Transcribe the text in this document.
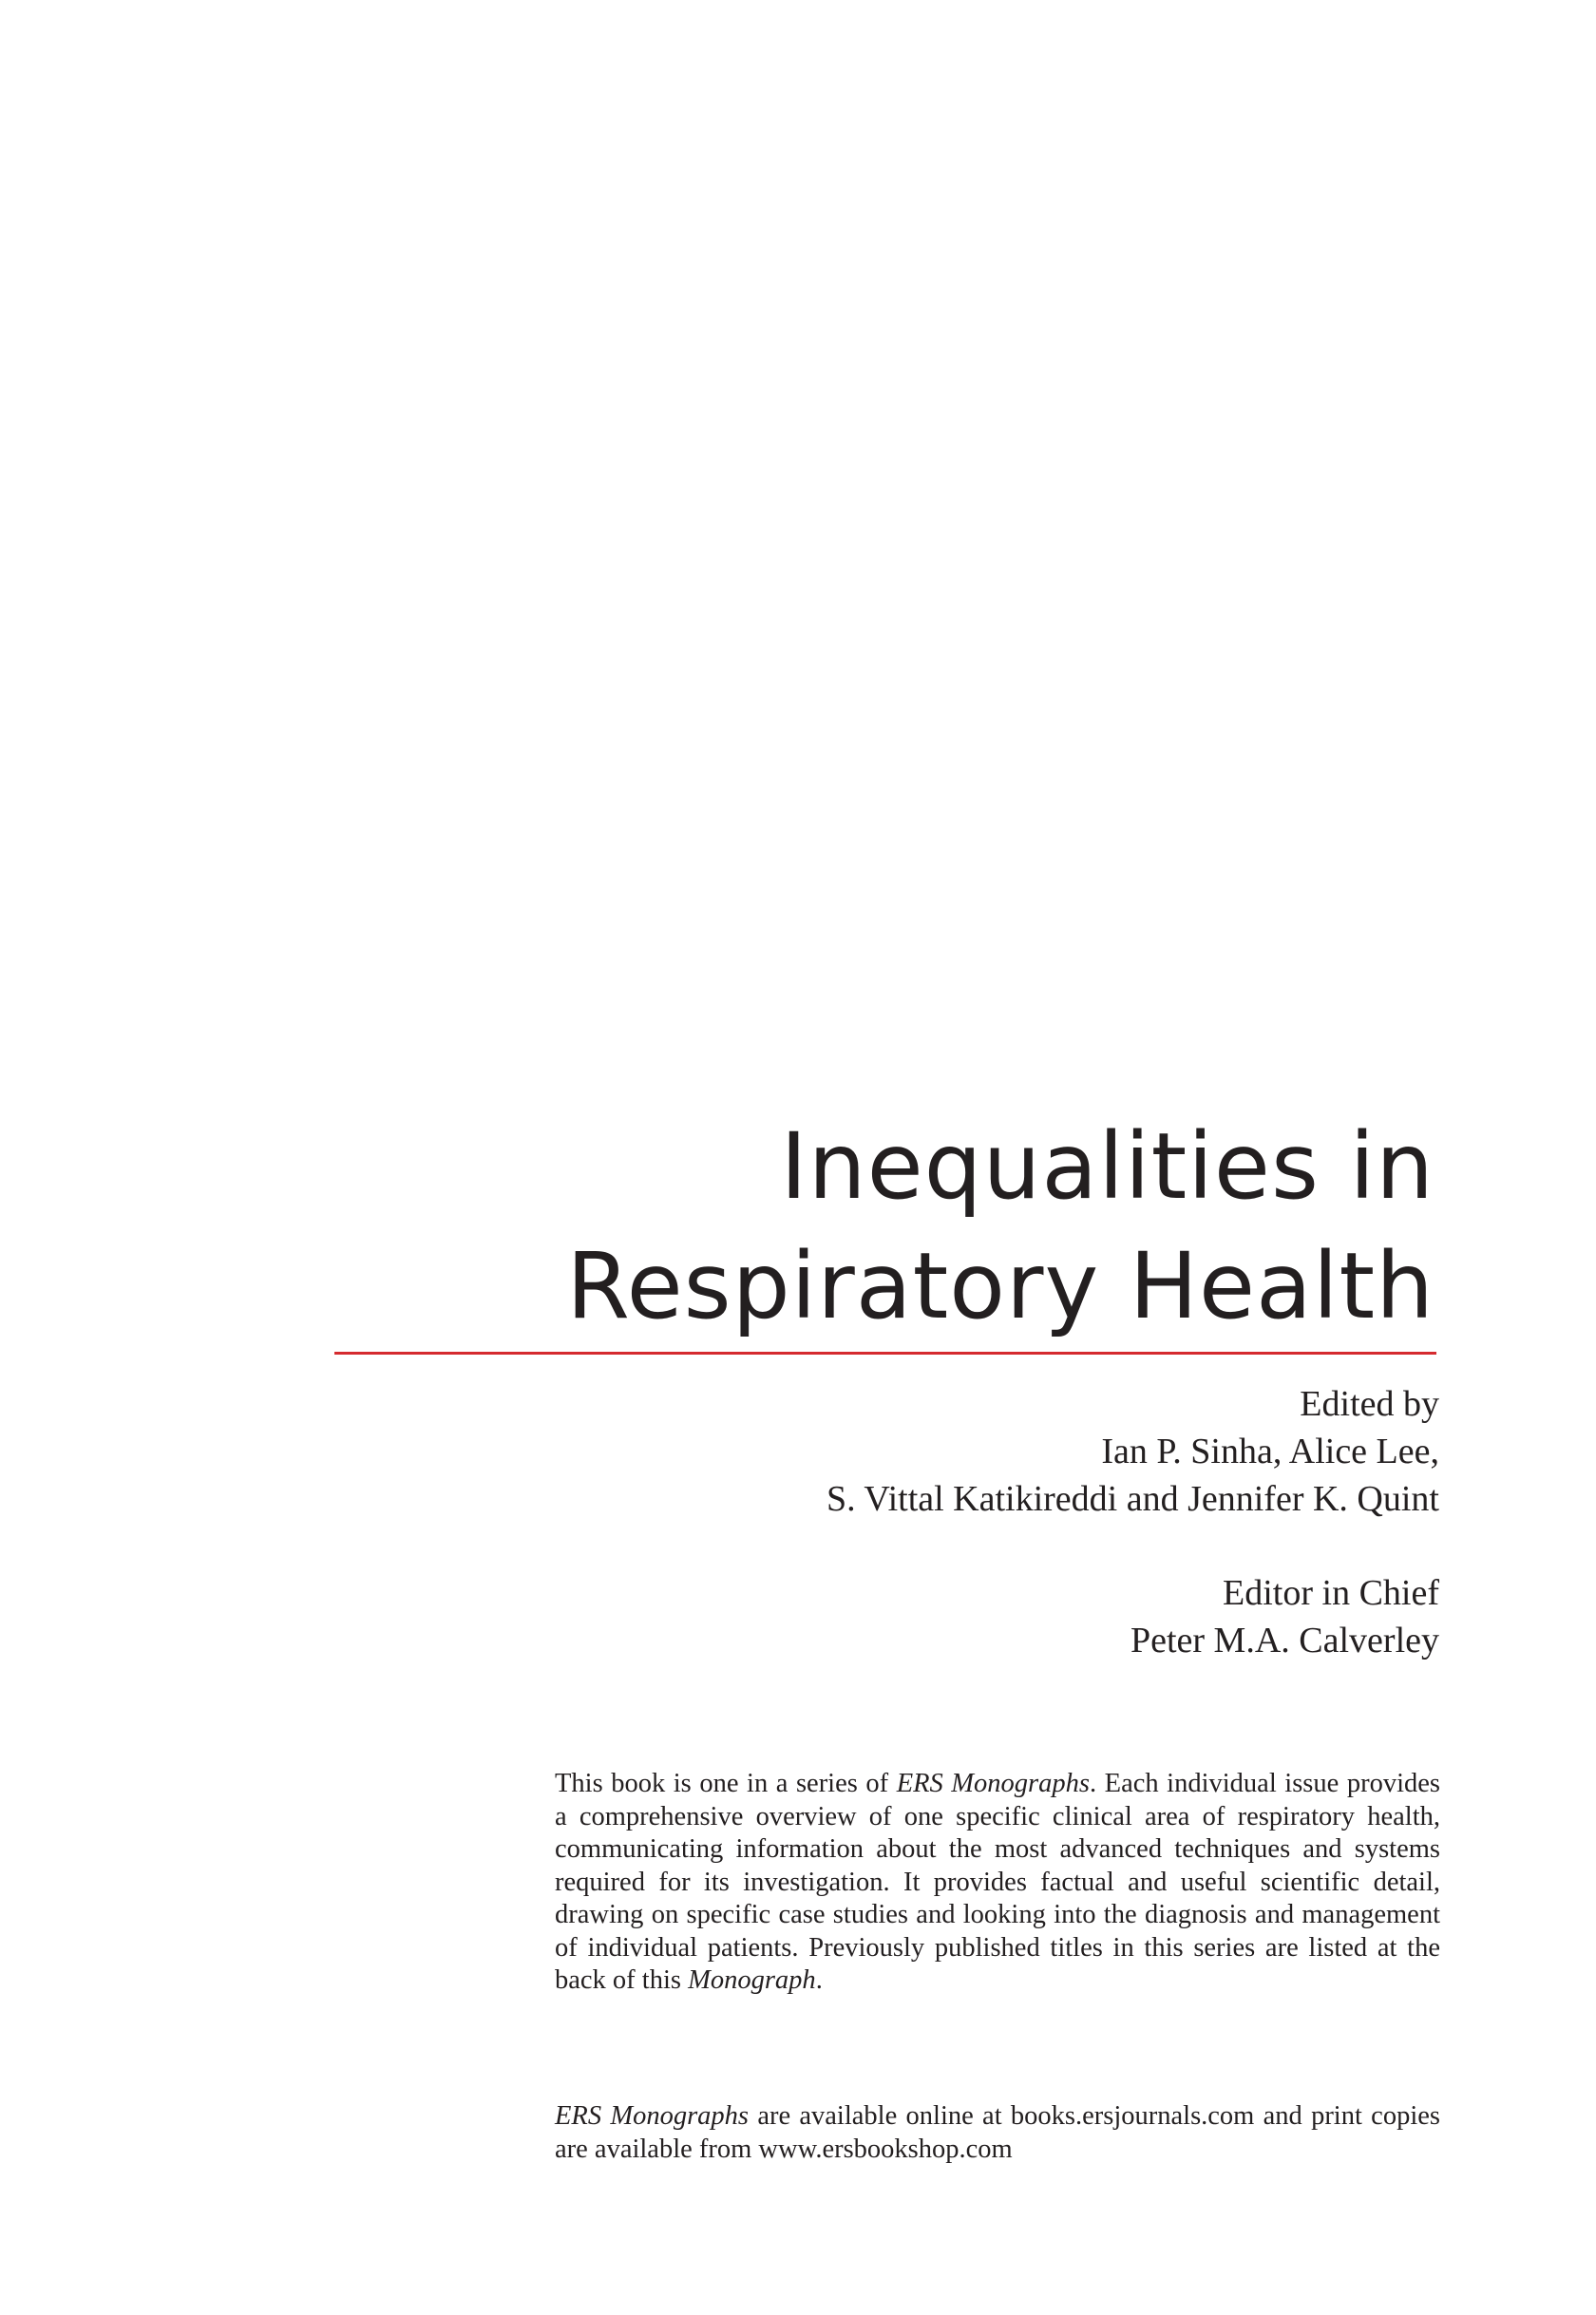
Inequalities in
Respiratory Health
Edited by
Ian P. Sinha, Alice Lee,
S. Vittal Katikireddi and Jennifer K. Quint
Editor in Chief
Peter M.A. Calverley

This book is one in a series of ERS Monographs. Each individual issue provides a comprehensive overview of one specific clinical area of respiratory health, communicating information about the most advanced techniques and systems required for its investigation. It provides factual and useful scientific detail, drawing on specific case studies and looking into the diagnosis and management of individual patients. Previously published titles in this series are listed at the back of this Monograph.

ERS Monographs are available online at books.ersjournals.com and print copies are available from www.ersbookshop.com
